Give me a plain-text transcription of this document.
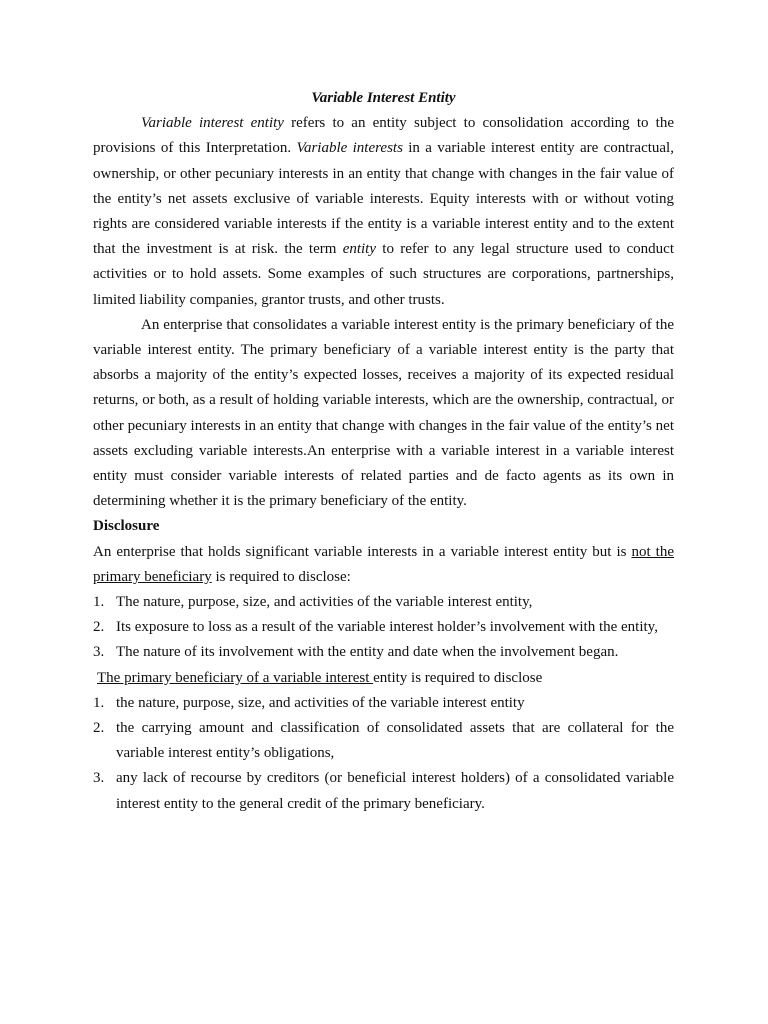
Variable Interest Entity

Variable interest entity refers to an entity subject to consolidation according to the provisions of this Interpretation. Variable interests in a variable interest entity are contractual, ownership, or other pecuniary interests in an entity that change with changes in the fair value of the entity’s net assets exclusive of variable interests. Equity interests with or without voting rights are considered variable interests if the entity is a variable interest entity and to the extent that the investment is at risk. the term entity to refer to any legal structure used to conduct activities or to hold assets. Some examples of such structures are corporations, partnerships, limited liability companies, grantor trusts, and other trusts.

An enterprise that consolidates a variable interest entity is the primary beneficiary of the variable interest entity. The primary beneficiary of a variable interest entity is the party that absorbs a majority of the entity’s expected losses, receives a majority of its expected residual returns, or both, as a result of holding variable interests, which are the ownership, contractual, or other pecuniary interests in an entity that change with changes in the fair value of the entity’s net assets excluding variable interests.An enterprise with a variable interest in a variable interest entity must consider variable interests of related parties and de facto agents as its own in determining whether it is the primary beneficiary of the entity.

Disclosure

An enterprise that holds significant variable interests in a variable interest entity but is not the primary beneficiary is required to disclose:

1. The nature, purpose, size, and activities of the variable interest entity,
2. Its exposure to loss as a result of the variable interest holder’s involvement with the entity,
3. The nature of its involvement with the entity and date when the involvement began.

The primary beneficiary of a variable interest entity is required to disclose

1. the nature, purpose, size, and activities of the variable interest entity
2. the carrying amount and classification of consolidated assets that are collateral for the variable interest entity’s obligations,
3. any lack of recourse by creditors (or beneficial interest holders) of a consolidated variable interest entity to the general credit of the primary beneficiary.
